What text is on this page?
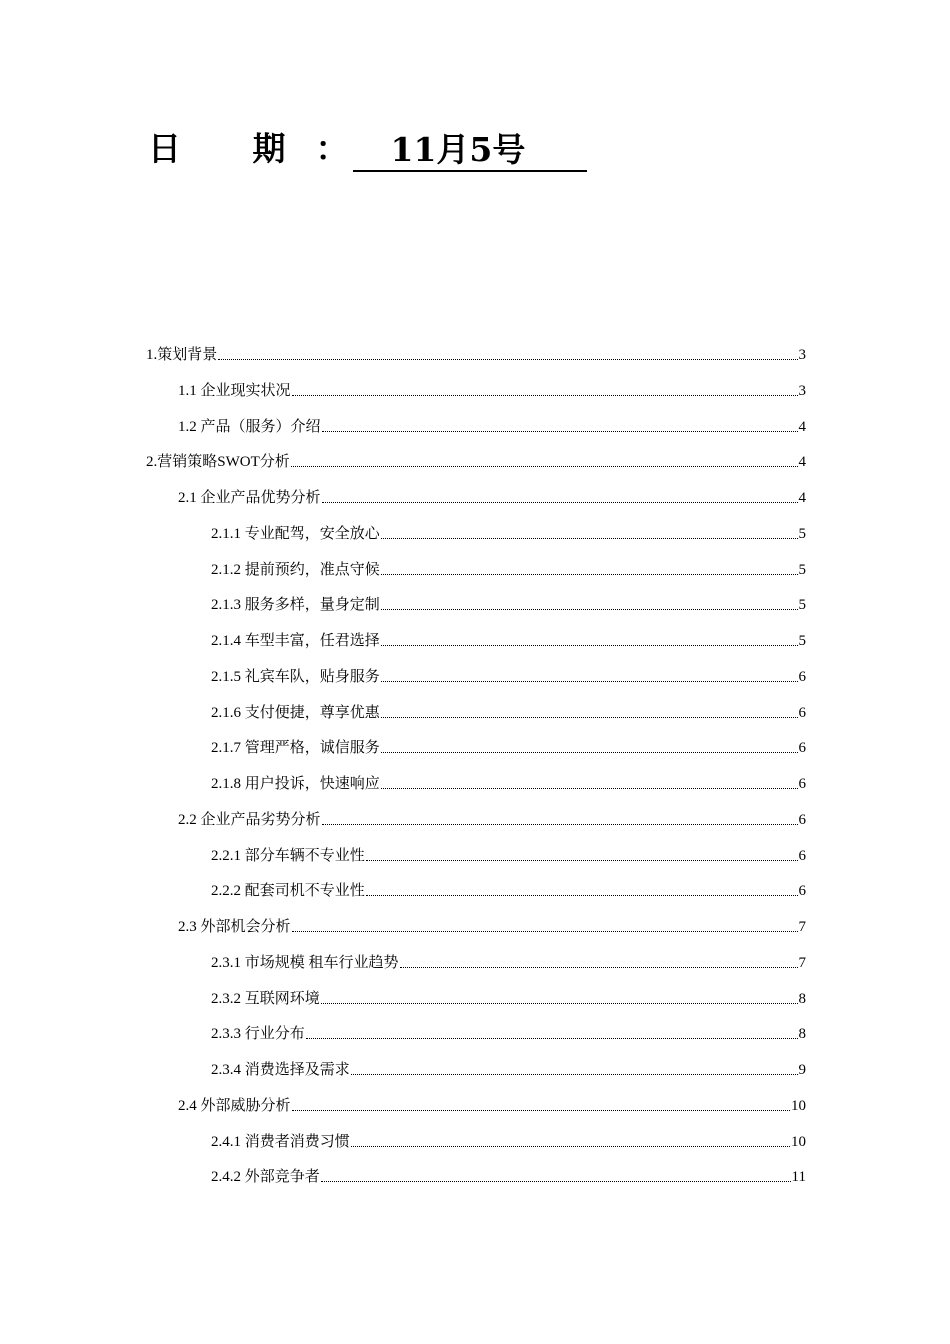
日 期：	11月5号
1.策划背景	3
1.1 企业现实状况	3
1.2 产品（服务）介绍	4
2.营销策略SWOT分析	4
2.1 企业产品优势分析	4
2.1.1 专业配驾，安全放心	5
2.1.2 提前预约，准点守候	5
2.1.3 服务多样，量身定制	5
2.1.4 车型丰富，任君选择	5
2.1.5 礼宾车队，贴身服务	6
2.1.6 支付便捷，尊享优惠	6
2.1.7 管理严格，诚信服务	6
2.1.8 用户投诉，快速响应	6
2.2 企业产品劣势分析	6
2.2.1 部分车辆不专业性	6
2.2.2 配套司机不专业性	6
2.3 外部机会分析	7
2.3.1 市场规模 租车行业趋势	7
2.3.2 互联网环境	8
2.3.3 行业分布	8
2.3.4 消费选择及需求	9
2.4 外部威胁分析	10
2.4.1 消费者消费习惯	10
2.4.2 外部竞争者	11
